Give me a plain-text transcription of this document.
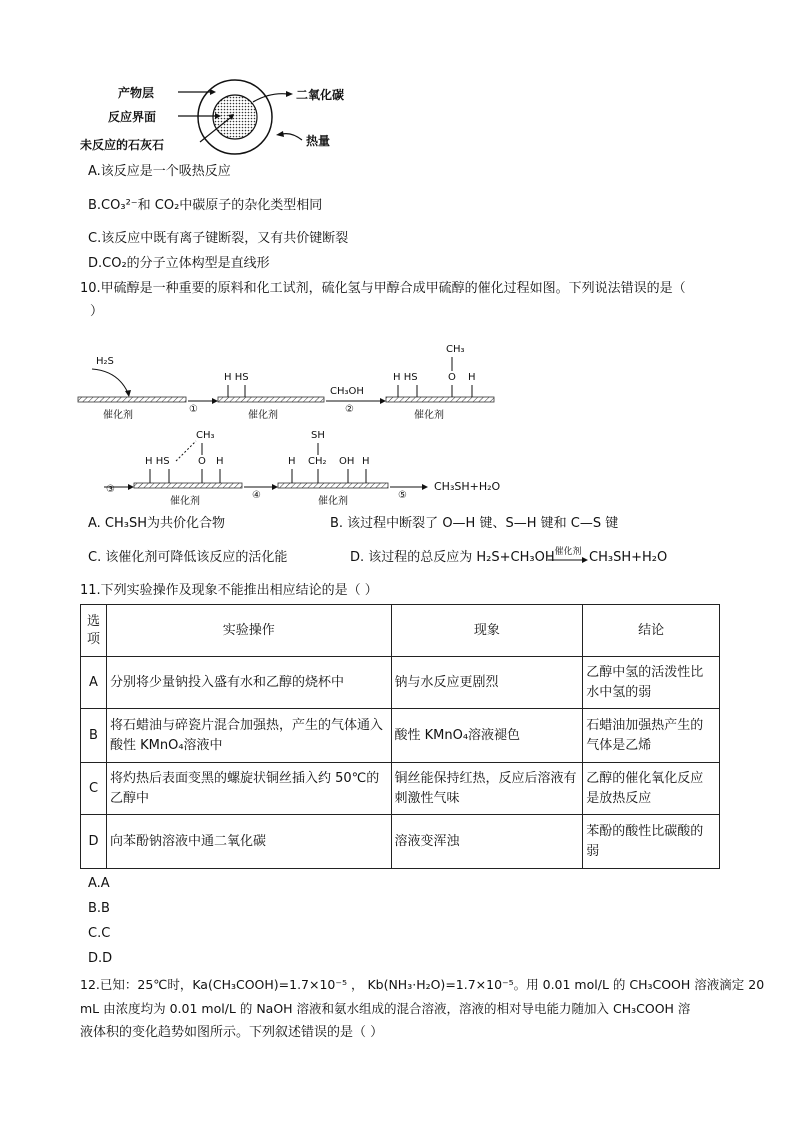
产物层
反应界面
未反应的石灰石
二氧化碳
热量
A.该反应是一个吸热反应
B.CO₃²⁻和 CO₂中碳原子的杂化类型相同
C.该反应中既有离子键断裂，又有共价键断裂
D.CO₂的分子立体构型是直线形
10.甲硫醇是一种重要的原料和化工试剂，硫化氢与甲醇合成甲硫醇的催化过程如图。下列说法错误的是（
）
H₂S
催化剂
①
H HS
催化剂
CH₃OH
②
H HS
CH₃
O H
催化剂
③
H HS
CH₃
O H
催化剂
④
H
SH
CH₂ OH H
催化剂
⑤
CH₃SH+H₂O
A. CH₃SH为共价化合物	B. 该过程中断裂了 O—H 键、S—H 键和 C—S 键
C. 该催化剂可降低该反应的活化能	D. 该过程的总反应为 H₂S+CH₃OH 催化剂 → CH₃SH+H₂O
11.下列实验操作及现象不能推出相应结论的是（ ）
选项	实验操作	现象	结论
A	分别将少量钠投入盛有水和乙醇的烧杯中	钠与水反应更剧烈	乙醇中氢的活泼性比水中氢的弱
B	将石蜡油与碎瓷片混合加强热，产生的气体通入酸性 KMnO₄溶液中	酸性 KMnO₄溶液褪色	石蜡油加强热产生的气体是乙烯
C	将灼热后表面变黑的螺旋状铜丝插入约 50℃的乙醇中	铜丝能保持红热，反应后溶液有刺激性气味	乙醇的催化氧化反应是放热反应
D	向苯酚钠溶液中通二氧化碳	溶液变浑浊	苯酚的酸性比碳酸的弱
A.A
B.B
C.C
D.D
12.已知：25℃时，Ka(CH₃COOH)=1.7×10⁻⁵ ， Kb(NH₃·H₂O)=1.7×10⁻⁵。用 0.01 mol/L 的 CH₃COOH 溶液滴定 20
mL 由浓度均为 0.01 mol/L 的 NaOH 溶液和氨水组成的混合溶液，溶液的相对导电能力随加入 CH₃COOH 溶
液体积的变化趋势如图所示。下列叙述错误的是（ ）
